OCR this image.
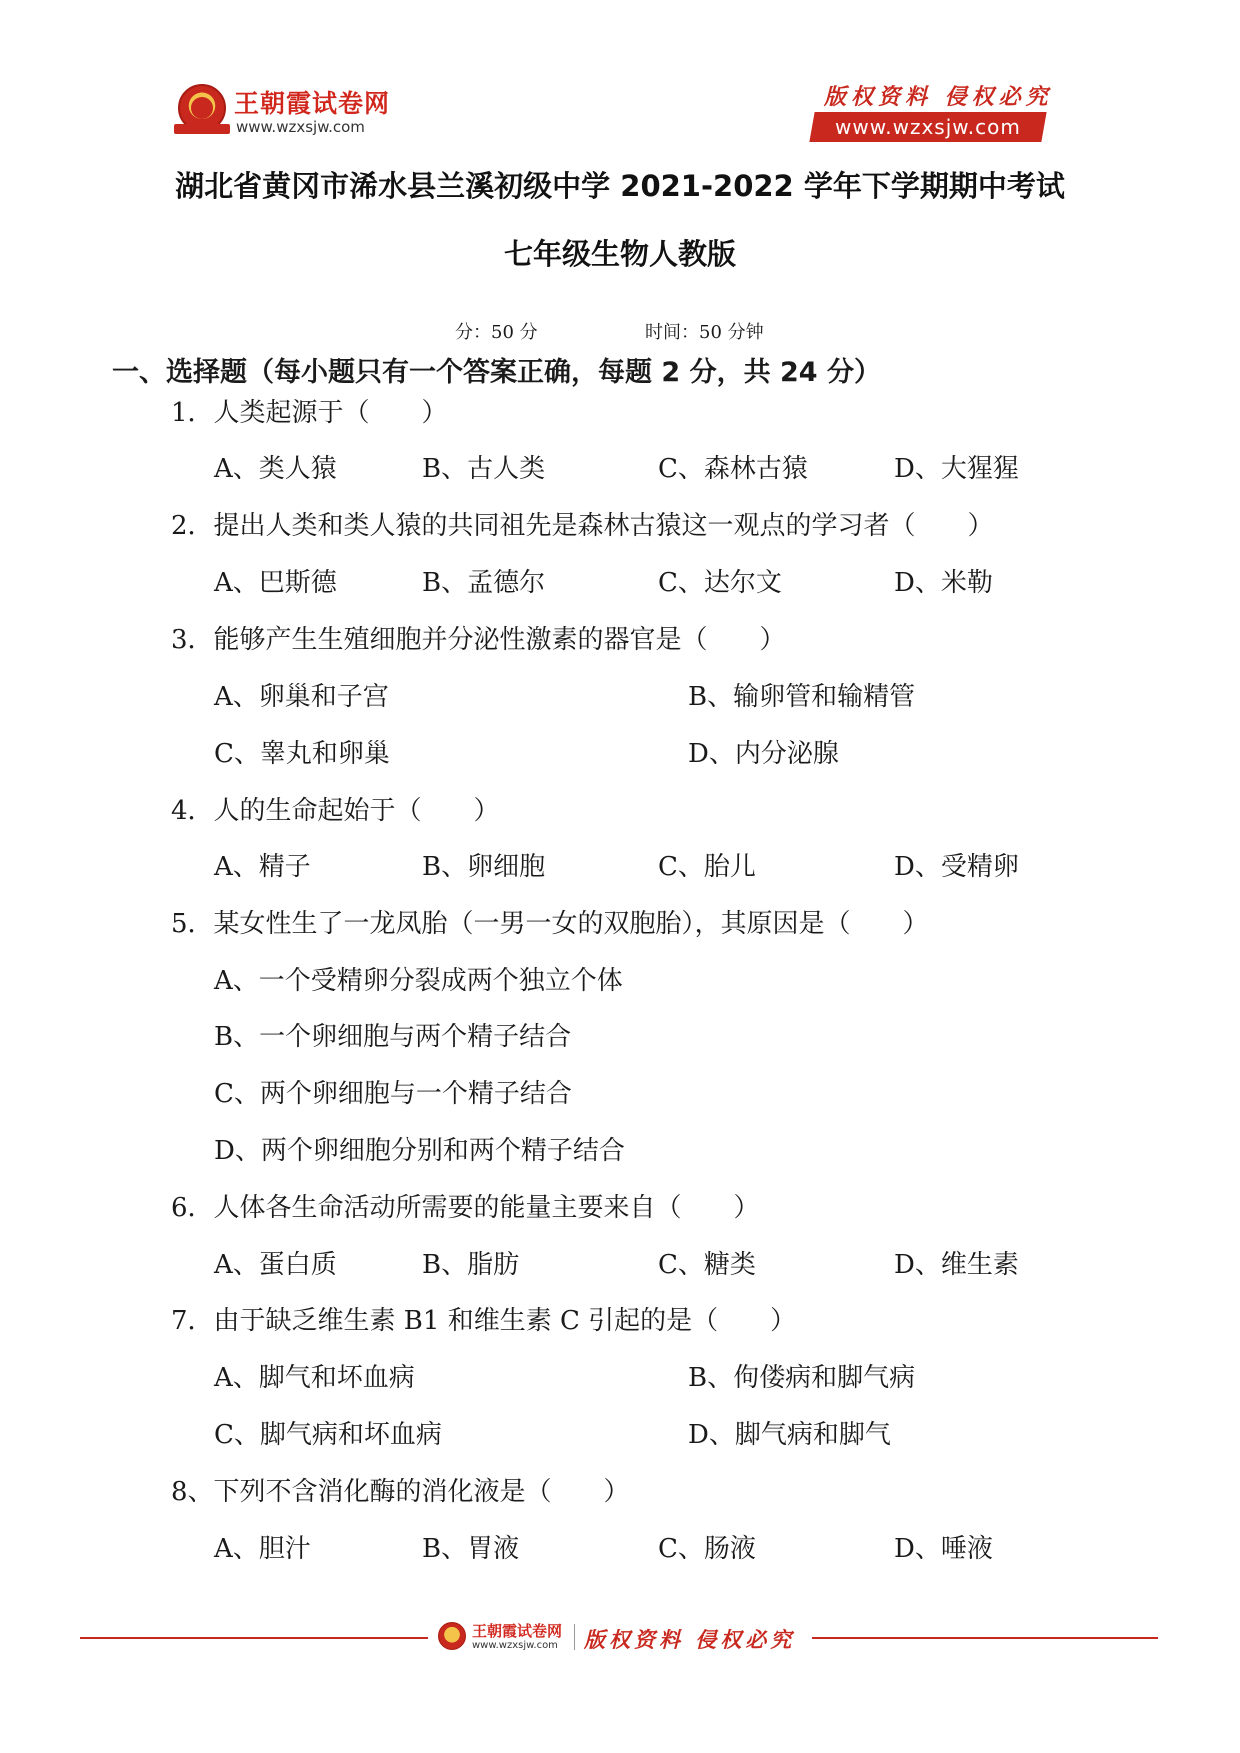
王朝霞试卷网
www.wzxsjw.com
版权资料 侵权必究
www.wzxsjw.com
湖北省黄冈市浠水县兰溪初级中学 2021-2022 学年下学期期中考试
七年级生物人教版
分：50 分	时间：50 分钟
一、选择题（每小题只有一个答案正确，每题 2 分，共 24 分）
1．人类起源于（　　）
A、类人猿	B、古人类	C、森林古猿	D、大猩猩
2．提出人类和类人猿的共同祖先是森林古猿这一观点的学习者（　　）
A、巴斯德	B、孟德尔	C、达尔文	D、米勒
3．能够产生生殖细胞并分泌性激素的器官是（　　）
A、卵巢和子宫	B、输卵管和输精管
C、睾丸和卵巢	D、内分泌腺
4．人的生命起始于（　　）
A、精子	B、卵细胞	C、胎儿	D、受精卵
5．某女性生了一龙凤胎（一男一女的双胞胎），其原因是（　　）
A、一个受精卵分裂成两个独立个体
B、一个卵细胞与两个精子结合
C、两个卵细胞与一个精子结合
D、两个卵细胞分别和两个精子结合
6．人体各生命活动所需要的能量主要来自（　　）
A、蛋白质	B、脂肪	C、糖类	D、维生素
7．由于缺乏维生素 B1 和维生素 C 引起的是（　　）
A、脚气和坏血病	B、佝偻病和脚气病
C、脚气病和坏血病	D、脚气病和脚气
8、下列不含消化酶的消化液是（　　）
A、胆汁	B、胃液	C、肠液	D、唾液
王朝霞试卷网
www.wzxsjw.com 版权资料 侵权必究
